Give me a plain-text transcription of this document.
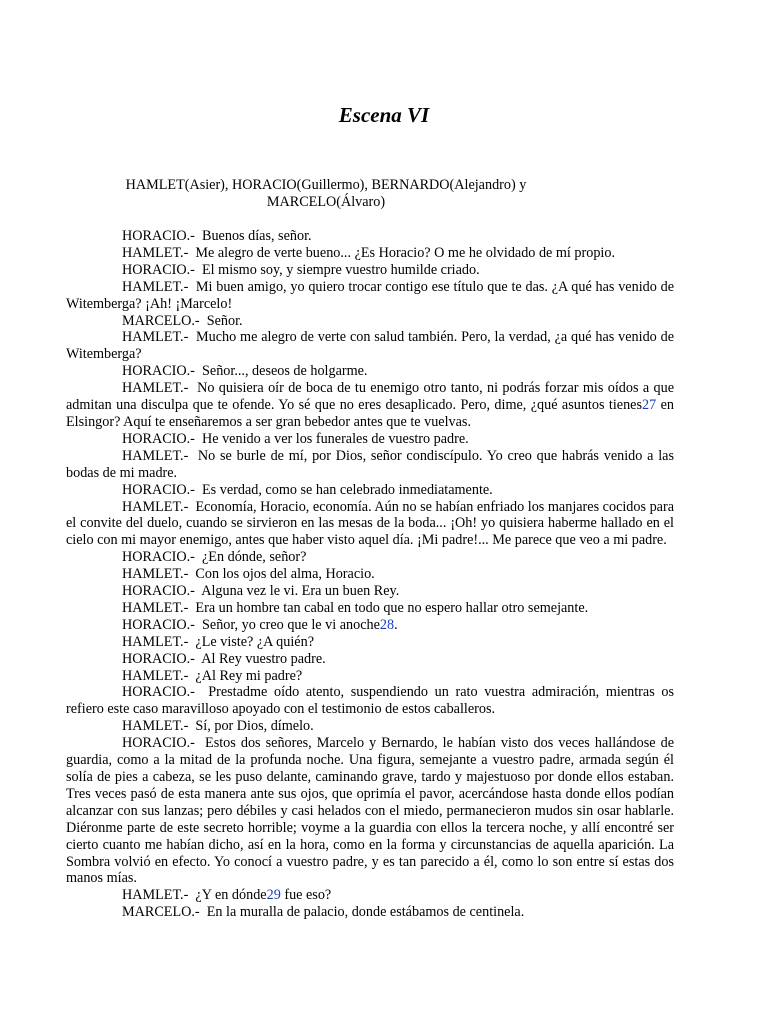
Escena VI
HAMLET(Asier), HORACIO(Guillermo), BERNARDO(Alejandro) y
MARCELO(Álvaro)

HORACIO.- Buenos días, señor.

HAMLET.- Me alegro de verte bueno... ¿Es Horacio? O me he olvidado de mí propio.

HORACIO.- El mismo soy, y siempre vuestro humilde criado.

HAMLET.- Mi buen amigo, yo quiero trocar contigo ese título que te das. ¿A qué has venido de Witemberga? ¡Ah! ¡Marcelo!

MARCELO.- Señor.

HAMLET.- Mucho me alegro de verte con salud también. Pero, la verdad, ¿a qué has venido de Witemberga?

HORACIO.- Señor..., deseos de holgarme.

HAMLET.- No quisiera oír de boca de tu enemigo otro tanto, ni podrás forzar mis oídos a que admitan una disculpa que te ofende. Yo sé que no eres desaplicado. Pero, dime, ¿qué asuntos tienes27 en Elsingor? Aquí te enseñaremos a ser gran bebedor antes que te vuelvas.

HORACIO.- He venido a ver los funerales de vuestro padre.

HAMLET.- No se burle de mí, por Dios, señor condiscípulo. Yo creo que habrás venido a las bodas de mi madre.

HORACIO.-  Es verdad, como se han celebrado inmediatamente.

HAMLET.- Economía, Horacio, economía. Aún no se habían enfriado los manjares cocidos para el convite del duelo, cuando se sirvieron en las mesas de la boda... ¡Oh! yo quisiera haberme hallado en el cielo con mi mayor enemigo, antes que haber visto aquel día. ¡Mi padre!... Me parece que veo a mi padre.

HORACIO.- ¿En dónde, señor?

HAMLET.- Con los ojos del alma, Horacio.

HORACIO.- Alguna vez le vi. Era un buen Rey.

HAMLET.- Era un hombre tan cabal en todo que no espero hallar otro semejante.

HORACIO.- Señor, yo creo que le vi anoche28.

HAMLET.- ¿Le viste? ¿A quién?

HORACIO.- Al Rey vuestro padre.

HAMLET.- ¿Al Rey mi padre?

HORACIO.- Prestadme oído atento, suspendiendo un rato vuestra admiración, mientras os refiero este caso maravilloso apoyado con el testimonio de estos caballeros.

HAMLET.- Sí, por Dios, dímelo.

HORACIO.- Estos dos señores, Marcelo y Bernardo, le habían visto dos veces hallándose de guardia, como a la mitad de la profunda noche. Una figura, semejante a vuestro padre, armada según él solía de pies a cabeza, se les puso delante, caminando grave, tardo y majestuoso por donde ellos estaban. Tres veces pasó de esta manera ante sus ojos, que oprimía el pavor, acercándose hasta donde ellos podían alcanzar con sus lanzas; pero débiles y casi helados con el miedo, permanecieron mudos sin osar hablarle. Diéronme parte de este secreto horrible; voyme a la guardia con ellos la tercera noche, y allí encontré ser cierto cuanto me habían dicho, así en la hora, como en la forma y circunstancias de aquella aparición. La Sombra volvió en efecto. Yo conocí a vuestro padre, y es tan parecido a él, como lo son entre sí estas dos manos mías.

HAMLET.- ¿Y en dónde29 fue eso?

MARCELO.- En la muralla de palacio, donde estábamos de centinela.
